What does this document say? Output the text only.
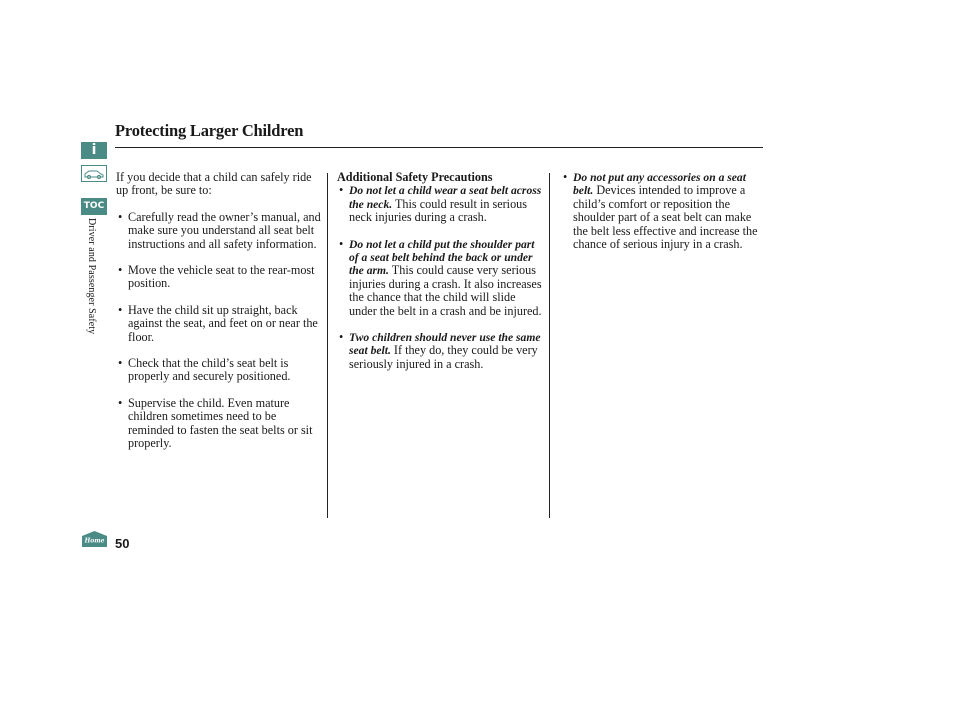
i
TOC
Driver and Passenger Safety
Home 50
Protecting Larger Children

If you decide that a child can safely ride up front, be sure to:

• Carefully read the owner’s manual, and make sure you understand all seat belt instructions and all safety information.
• Move the vehicle seat to the rear-most position.
• Have the child sit up straight, back against the seat, and feet on or near the floor.
• Check that the child’s seat belt is properly and securely positioned.
• Supervise the child. Even mature children sometimes need to be reminded to fasten the seat belts or sit properly.

Additional Safety Precautions

• Do not let a child wear a seat belt across the neck. This could result in serious neck injuries during a crash.
• Do not let a child put the shoulder part of a seat belt behind the back or under the arm. This could cause very serious injuries during a crash. It also increases the chance that the child will slide under the belt in a crash and be injured.
• Two children should never use the same seat belt. If they do, they could be very seriously injured in a crash.
• Do not put any accessories on a seat belt. Devices intended to improve a child’s comfort or reposition the shoulder part of a seat belt can make the belt less effective and increase the chance of serious injury in a crash.
